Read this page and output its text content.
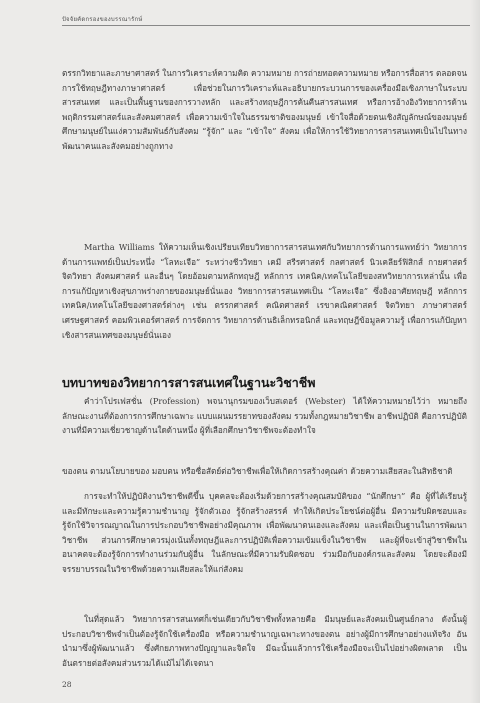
ปัจจัยคัดกรองของบรรณารักษ์
ตรรกวิทยาและภาษาศาสตร์ ในการวิเคราะห์ความคิด ความหมาย การถ่ายทอดความหมาย หรือการสื่อสาร ตลอดจนการใช้ทฤษฎีทางภาษาศาสตร์ เพื่อช่วยในการวิเคราะห์และอธิบายกระบวนการของเครื่องมือเชิงภาษาในระบบสารสนเทศ และเป็นพื้นฐานของการวางหลัก และสร้างทฤษฎีการค้นคืนสารสนเทศ หรือการอ้างอิงวิทยาการด้านพฤติกรรมศาสตร์และสังคมศาสตร์ เพื่อความเข้าใจในธรรมชาติของมนุษย์ เข้าใจสื่อด้วยตนเชิงสัญลักษณ์ของมนุษย์ ศึกษามนุษย์ในแง่ความสัมพันธ์กับสังคม “รู้จัก” และ “เข้าใจ” สังคม เพื่อให้การใช้วิทยาการสารสนเทศเป็นไปในทางพัฒนาคนและสังคมอย่างถูกทาง
Martha Williams ให้ความเห็นเชิงเปรียบเทียบวิทยาการสารสนเทศกับวิทยาการด้านการแพทย์ว่า วิทยาการด้านการแพทย์เป็นประหนึ่ง “โลหะเจือ” ระหว่างชีววิทยา เคมี สรีรศาสตร์ กลศาสตร์ นิวเคลียร์ฟิสิกส์ กายศาสตร์ จิตวิทยา สังคมศาสตร์ และอื่นๆ โดยอ้อมตามหลักทฤษฎี หลักการ เทคนิค/เทคโนโลยีของสหวิทยาการเหล่านั้น เพื่อการแก้ปัญหาเชิงสุขภาพร่างกายของมนุษย์นั่นเอง วิทยาการสารสนเทศเป็น “โลหะเจือ” ซึ่งอิงอาศัยทฤษฎี หลักการ เทคนิค/เทคโนโลยีของศาสตร์ต่างๆ เช่น ตรรกศาสตร์ คณิตศาสตร์ เรขาคณิตศาสตร์ จิตวิทยา ภาษาศาสตร์ เศรษฐศาสตร์ คอมพิวเตอร์ศาสตร์ การจัดการ วิทยาการด้านธิเล็กทรอนิกส์ และทฤษฎีข้อมูลความรู้ เพื่อการแก้ปัญหาเชิงสารสนเทศของมนุษย์นั่นเอง
บทบาทของวิทยาการสารสนเทศในฐานะวิชาชีพ
คำว่าโปรเฟสชั่น (Profession) พจนานุกรมของเว็บสเตอร์ (Webster) ได้ให้ความหมายไว้ว่า หมายถึง ลักษณะงานที่ต้องการการศึกษาเฉพาะ แบบแผนมรรยาทของสังคม รวมทั้งกฎหมายวิชาชีพ อาชีพปฏิบัติ คือการปฏิบัติงานที่มีความเชี่ยวชาญด้านใดด้านหนึ่ง ผู้ที่เลือกศึกษาวิชาชีพจะต้องทำใจ
ของตน ตามนโยบายของ มอบตน หรือซื่อสัตย์ต่อวิชาชีพเพื่อให้เกิดการสร้างคุณค่า ด้วยความเสียสละในสิทธิชาติ
การจะทำให้ปฏิบัติงานวิชาชีพดีขึ้น บุคคลจะต้องเริ่มด้วยการสร้างคุณสมบัติของ “นักศึกษา” คือ ผู้ที่ได้เรียนรู้และมีทักษะและความรู้ความชำนาญ รู้จักตัวเอง รู้จักสร้างสรรค์ ทำให้เกิดประโยชน์ต่อผู้อื่น มีความรับผิดชอบและรู้จักใช้วิจารณญาณในการประกอบวิชาชีพอย่างมีคุณภาพ เพื่อพัฒนาตนเองและสังคม และเพื่อเป็นฐานในการพัฒนาวิชาชีพ ส่วนการศึกษาควรมุ่งเน้นทั้งทฤษฎีและการปฏิบัติเพื่อความเข้มแข็งในวิชาชีพ และผู้ที่จะเข้าสู่วิชาชีพในอนาคตจะต้องรู้จักการทำงานร่วมกับผู้อื่น ในลักษณะที่มีความรับผิดชอบ ร่วมมือกับองค์กรและสังคม โดยจะต้องมีจรรยาบรรณในวิชาชีพด้วยความเสียสละให้แก่สังคม
ในที่สุดแล้ว วิทยาการสารสนเทศก็เช่นเดียวกับวิชาชีพทั้งหลายคือ มีมนุษย์และสังคมเป็นศูนย์กลาง ดังนั้นผู้ประกอบวิชาชีพจำเป็นต้องรู้จักใช้เครื่องมือ หรือความชำนาญเฉพาะทางของตน อย่างผู้มีการศึกษาอย่างแท้จริง อันนำมาซึ่งผู้พัฒนาแล้ว ซึ่งศักยภาพทางปัญญาและจิตใจ มีฉะนั้นแล้วการใช้เครื่องมือจะเป็นไปอย่างผิดพลาด เป็นอันตรายต่อสังคมส่วนรวมได้แม้ไม่ได้เจตนา
28
